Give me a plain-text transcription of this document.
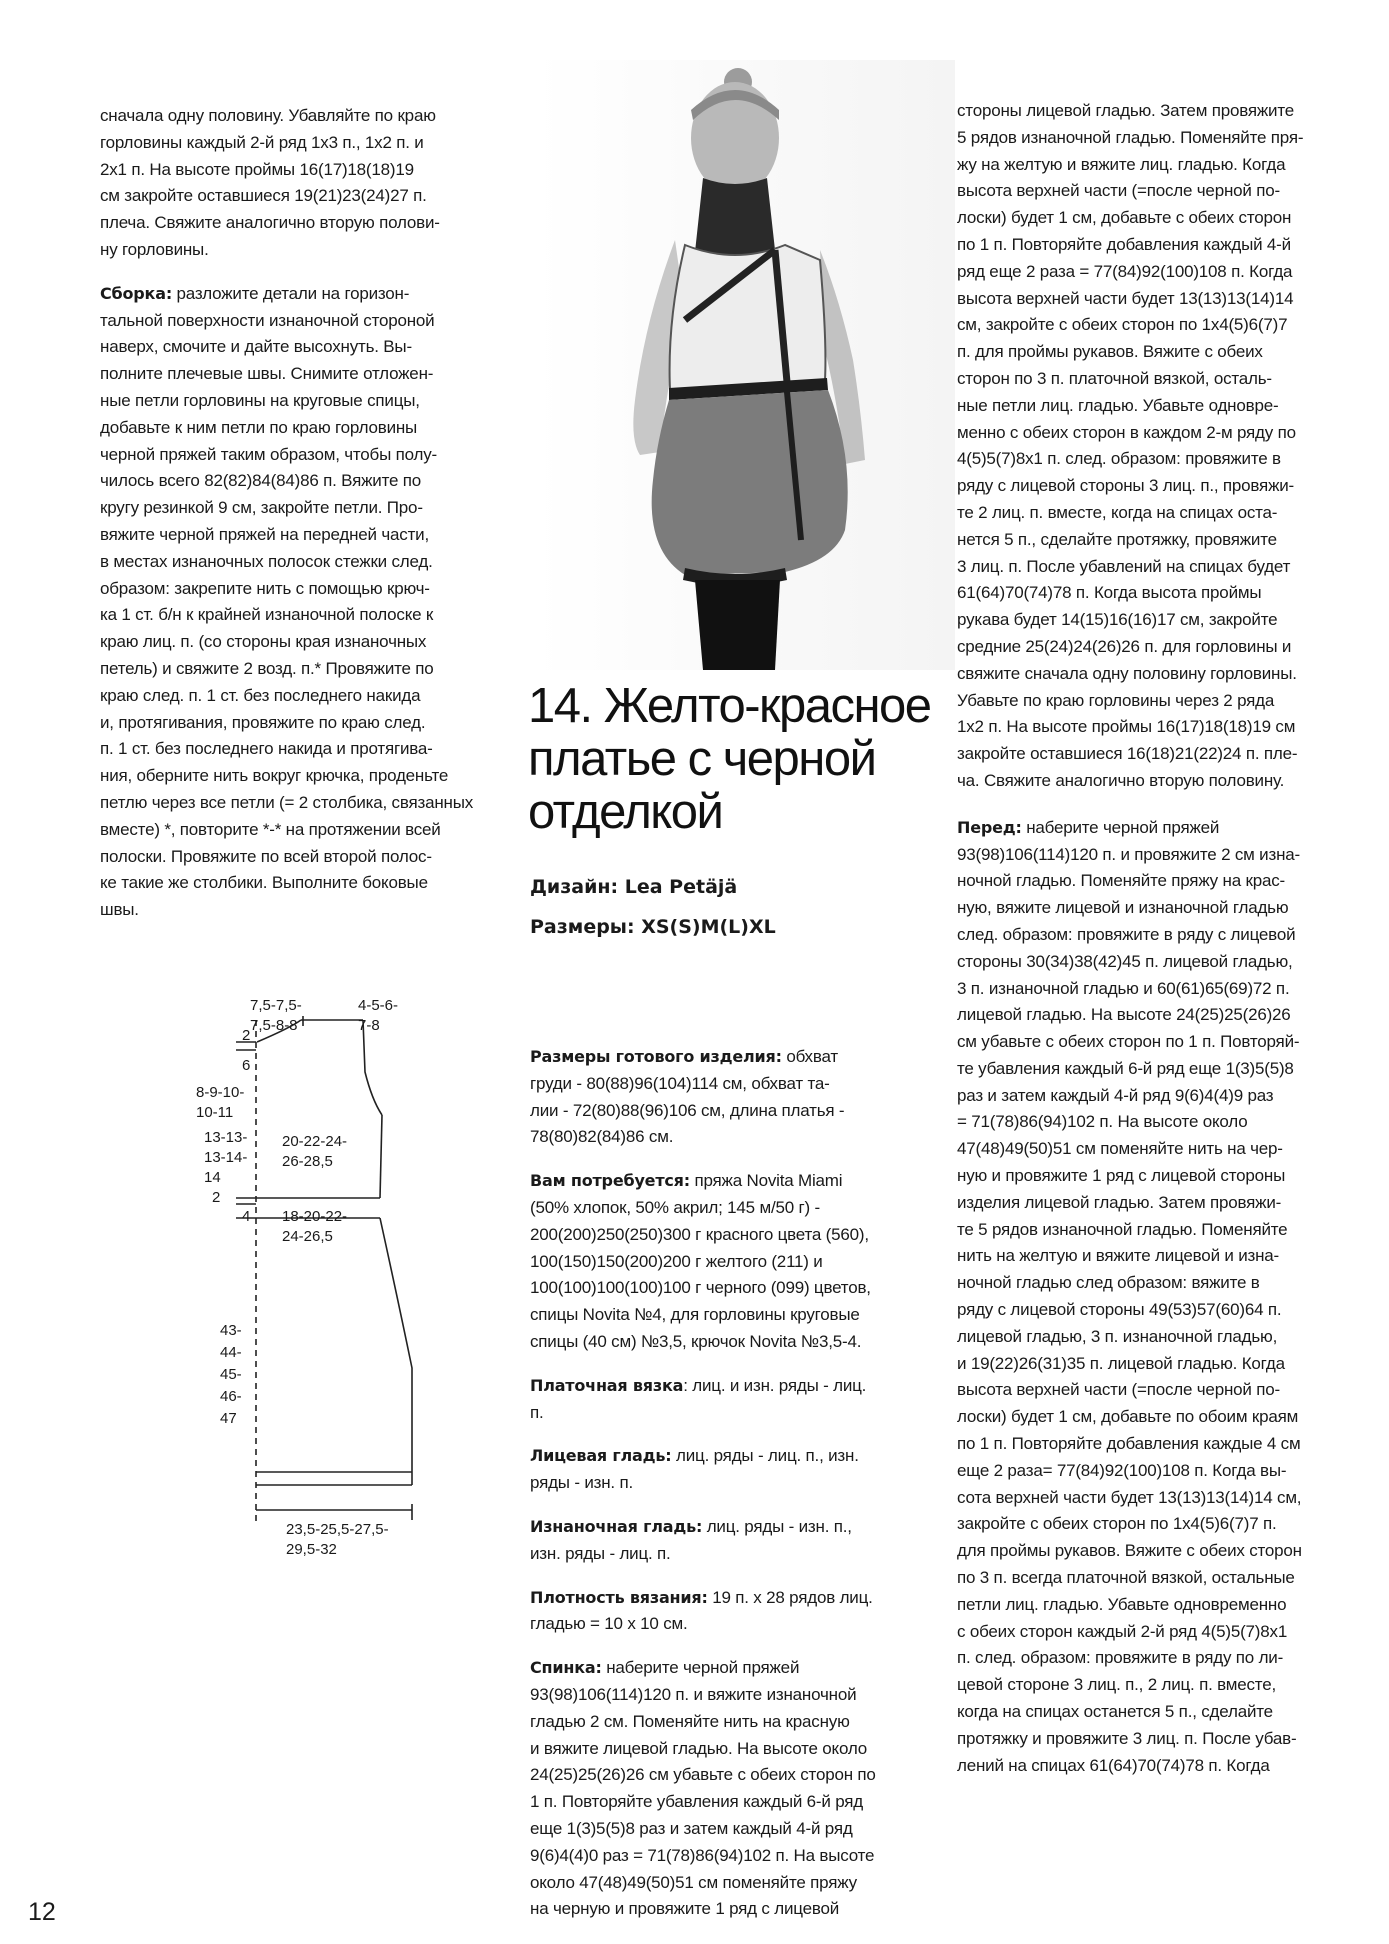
сначала одну половину. Убавляйте по краю
горловины каждый 2-й ряд 1х3 п., 1х2 п. и
2х1 п. На высоте проймы 16(17)18(18)19
см закройте оставшиеся 19(21)23(24)27 п.
плеча. Свяжите аналогично вторую полови-
ну горловины.

Сборка: разложите детали на горизон-
тальной поверхности изнаночной стороной
наверх, смочите и дайте высохнуть. Вы-
полните плечевые швы. Снимите отложен-
ные петли горловины на круговые спицы,
добавьте к ним петли по краю горловины
черной пряжей таким образом, чтобы полу-
чилось всего 82(82)84(84)86 п. Вяжите по
кругу резинкой 9 см, закройте петли. Про-
вяжите черной пряжей на передней части,
в местах изнаночных полосок стежки след.
образом: закрепите нить с помощью крюч-
ка 1 ст. б/н к крайней изнаночной полоске к
краю лиц. п. (со стороны края изнаночных
петель) и свяжите 2 возд. п.* Провяжите по
краю след. п. 1 ст. без последнего накида
и, протягивания, провяжите по краю след.
п. 1 ст. без последнего накида и протягива-
ния, оберните нить вокруг крючка, проденьте
петлю через все петли (= 2 столбика, связанных
вместе) *, повторите *-* на протяжении всей
полоски. Провяжите по всей второй полоc-
ке такие же столбики. Выполните боковые
швы.

7,5-7,5-
7,5-8-8
4-5-6-
7-8
2
6
8-9-10-
10-11
13-13-
13-14-
14
20-22-24-
26-28,5
2
4 18-20-22-
24-26,5
43-
44-
45-
46-
47
23,5-25,5-27,5-
29,5-32
14. Желто-красное
платье с черной
отделкой
Дизайн: Lea Petäjä
Размеры: XS(S)M(L)XL

Размеры готового изделия: обхват
груди - 80(88)96(104)114 см, обхват та-
лии - 72(80)88(96)106 см, длина платья -
78(80)82(84)86 см.

Вам потребуется: пряжа Novita Miami
(50% хлопок, 50% акрил; 145 м/50 г) -
200(200)250(250)300 г красного цвета (560),
100(150)150(200)200 г желтого (211) и
100(100)100(100)100 г черного (099) цветов,
спицы Novita №4, для горловины круговые
спицы (40 см) №3,5, крючок Novita №3,5-4.

Платочная вязка: лиц. и изн. ряды - лиц.
п.

Лицевая гладь: лиц. ряды - лиц. п., изн.
ряды - изн. п.

Изнаночная гладь: лиц. ряды - изн. п.,
изн. ряды - лиц. п.

Плотность вязания: 19 п. х 28 рядов лиц.
гладью = 10 х 10 см.

Спинка: наберите черной пряжей
93(98)106(114)120 п. и вяжите изнаночной
гладью 2 см. Поменяйте нить на красную
и вяжите лицевой гладью. На высоте около
24(25)25(26)26 см убавьте с обеих сторон по
1 п. Повторяйте убавления каждый 6-й ряд
еще 1(3)5(5)8 раз и затем каждый 4-й ряд
9(6)4(4)0 раз = 71(78)86(94)102 п. На высоте
около 47(48)49(50)51 см поменяйте пряжу
на черную и провяжите 1 ряд с лицевой

стороны лицевой гладью. Затем провяжите
5 рядов изнаночной гладью. Поменяйте пря-
жу на желтую и вяжите лиц. гладью. Когда
высота верхней части (=после черной по-
лоски) будет 1 см, добавьте с обеих сторон
по 1 п. Повторяйте добавления каждый 4-й
ряд еще 2 раза = 77(84)92(100)108 п. Когда
высота верхней части будет 13(13)13(14)14
см, закройте с обеих сторон по 1х4(5)6(7)7
п. для проймы рукавов. Вяжите с обеих
сторон по 3 п. платочной вязкой, осталь-
ные петли лиц. гладью. Убавьте одновре-
менно с обеих сторон в каждом 2-м ряду по
4(5)5(7)8х1 п. след. образом: провяжите в
ряду с лицевой стороны 3 лиц. п., провяжи-
те 2 лиц. п. вместе, когда на спицах оста-
нется 5 п., сделайте протяжку, провяжите
3 лиц. п. После убавлений на спицах будет
61(64)70(74)78 п. Когда высота проймы
рукава будет 14(15)16(16)17 см, закройте
средние 25(24)24(26)26 п. для горловины и
свяжите сначала одну половину горловины.
Убавьте по краю горловины через 2 ряда
1х2 п. На высоте проймы 16(17)18(18)19 см
закройте оставшиеся 16(18)21(22)24 п. пле-
ча. Свяжите аналогично вторую половину.

Перед: наберите черной пряжей
93(98)106(114)120 п. и провяжите 2 см изна-
ночной гладью. Поменяйте пряжу на крас-
ную, вяжите лицевой и изнаночной гладью
след. образом: провяжите в ряду с лицевой
стороны 30(34)38(42)45 п. лицевой гладью,
3 п. изнаночной гладью и 60(61)65(69)72 п.
лицевой гладью. На высоте 24(25)25(26)26
см убавьте с обеих сторон по 1 п. Повторяй-
те убавления каждый 6-й ряд еще 1(3)5(5)8
раз и затем каждый 4-й ряд 9(6)4(4)9 раз
= 71(78)86(94)102 п. На высоте около
47(48)49(50)51 см поменяйте нить на чер-
ную и провяжите 1 ряд с лицевой стороны
изделия лицевой гладью. Затем провяжи-
те 5 рядов изнаночной гладью. Поменяйте
нить на желтую и вяжите лицевой и изна-
ночной гладью след образом: вяжите в
ряду с лицевой стороны 49(53)57(60)64 п.
лицевой гладью, 3 п. изнаночной гладью,
и 19(22)26(31)35 п. лицевой гладью. Когда
высота верхней части (=после черной по-
лоски) будет 1 см, добавьте по обоим краям
по 1 п. Повторяйте добавления каждые 4 см
еще 2 раза= 77(84)92(100)108 п. Когда вы-
сота верхней части будет 13(13)13(14)14 см,
закройте с обеих сторон по 1х4(5)6(7)7 п.
для проймы рукавов. Вяжите с обеих сторон
по 3 п. всегда платочной вязкой, остальные
петли лиц. гладью. Убавьте одновременно
с обеих сторон каждый 2-й ряд 4(5)5(7)8х1
п. след. образом: провяжите в ряду по ли-
цевой стороне 3 лиц. п., 2 лиц. п. вместе,
когда на спицах останется 5 п., сделайте
протяжку и провяжите 3 лиц. п. После убав-
лений на спицах 61(64)70(74)78 п. Когда

12
